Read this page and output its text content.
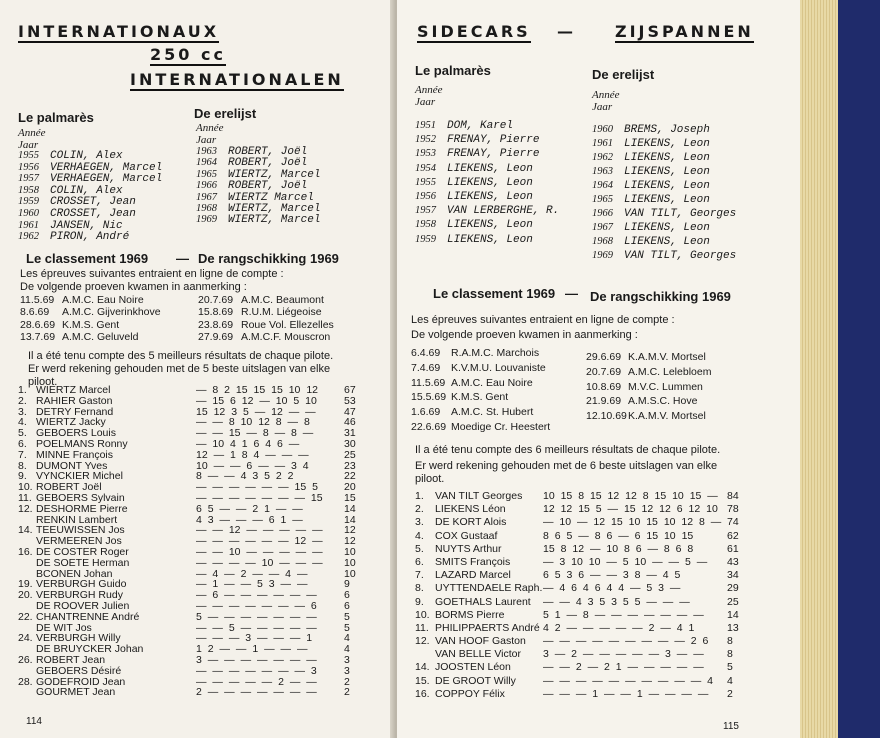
INTERNATIONAUX
250 cc
INTERNATIONALEN
Le palmarès	De erelijst
Année
Jaar
Année
Jaar
1955 COLIN, Alex
1956 VERHAEGEN, Marcel
1957 VERHAEGEN, Marcel
1958 COLIN, Alex
1959 CROSSET, Jean
1960 CROSSET, Jean
1961 JANSEN, Nic
1962 PIRON, André
1963 ROBERT, Joël
1964 ROBERT, Joël
1965 WIERTZ, Marcel
1966 ROBERT, Joël
1967 WIERTZ Marcel
1968 WIERTZ, Marcel
1969 WIERTZ, Marcel
Le classement 1969 — De rangschikking 1969
Les épreuves suivantes entraient en ligne de compte :
De volgende proeven kwamen in aanmerking :
11.5.69 A.M.C. Eau Noire
8.6.69 A.M.C. Gijverinkhove
28.6.69 K.M.S. Gent
13.7.69 A.M.C. Geluveld
20.7.69 A.M.C. Beaumont
15.8.69 R.U.M. Liégeoise
23.8.69 Roue Vol. Ellezelles
27.9.69 A.M.C.F. Mouscron
Il a été tenu compte des 5 meilleurs résultats de chaque pilote.
Er werd rekening gehouden met de 5 beste uitslagen van elke
piloot.
1. WIERTZ Marcel	— 8 2 15 15 15 10 12 67
2. RAHIER Gaston	— 15 6 12 — 10 5 10	53
3. DETRY Fernand	15 12 3 5 — 12 — —	47
4. WIERTZ Jacky	— — 8 10 12 8 — 8	46
5. GEBOERS Louis	— — 15 — 8 — 8 —	31
6. POELMANS Ronny	— 10 4 1 6 4 6 —	30
7. MINNE François	12 — 1 8 4 — — —	25
8. DUMONT Yves	10 — — 6 — — 3 4	23
9. VYNCKIER Michel	8 — — 4 3 5 2 2	22
10. ROBERT Joël	— — — — — — 15 5 20
11. GEBOERS Sylvain	— — — — — — — 15 15
12. DESHORME Pierre	6 5 — — 2 1 — —	14
RENKIN Lambert	4 3 — — — 6 1 —	14
14. TEEUWISSEN Jos	— — 12 — — — — — 12
VERMEEREN Jos	— — — — — — 12 — 12
16. DE COSTER Roger	— — 10 — — — — — 10
DE SOETE Herman	— — — — 10 — — — 10
BCONEN Johan	— 4 — 2 — — 4 —	10
19. VERBURGH Guido	— 1 — — 5 3 — —	9
20. VERBURGH Rudy	— 6 — — — — — —	6
DE ROOVER Julien	— — — — — — — 6	6
22. CHANTRENNE André	5 — — — — — — —	5
DE WIT Jos	— — 5 — — — — —	5
24. VERBURGH Willy	— — — 3 — — — 1	4
DE BRUYCKER Johan	1 2 — — 1 — — —	4
26. ROBERT Jean	3 — — — — — — —	3
GEBOERS Désiré	— — — — — — — 3	3
28. GODEFROID Jean	— — — — — 2 — —	2
GOURMET Jean	2 — — — — — — —	2
114
SIDECARS — ZIJSPANNEN
Le palmarès	De erelijst
Année
Jaar
Année
Jaar
1951 DOM, Karel
1952 FRENAY, Pierre
1953 FRENAY, Pierre
1954 LIEKENS, Leon
1955 LIEKENS, Leon
1956 LIEKENS, Leon
1957 VAN LERBERGHE, R.
1958 LIEKENS, Leon
1959 LIEKENS, Leon
1960 BREMS, Joseph
1961 LIEKENS, Leon
1962 LIEKENS, Leon
1963 LIEKENS, Leon
1964 LIEKENS, Leon
1965 LIEKENS, Leon
1966 VAN TILT, Georges
1967 LIEKENS, Leon
1968 LIEKENS, Leon
1969 VAN TILT, Georges
Le classement 1969 — De rangschikking 1969
Les épreuves suivantes entraient en ligne de compte :
De volgende proeven kwamen in aanmerking :
6.4.69 R.A.M.C. Marchois
7.4.69 K.V.M.U. Louvaniste
11.5.69 A.M.C. Eau Noire
15.5.69 K.M.S. Gent
1.6.69 A.M.C. St. Hubert
22.6.69 Moedige Cr. Heestert
29.6.69 K.A.M.V. Mortsel
20.7.69 A.M.C. Lelebloem
10.8.69 M.V.C. Lummen
21.9.69 A.M.S.C. Hove
12.10.69 K.A.M.V. Mortsel
Il a été tenu compte des 6 meilleurs résultats de chaque pilote.
Er werd rekening gehouden met de 6 beste uitslagen van elke
piloot.
1. VAN TILT Georges 10 15 8 15 12 12 8 15 10 15 — 84
2. LIEKENS Léon	12 12 15 5 — 15 12 12 6 12 10 78
3. DE KORT Alois	— 10 — 12 15 10 15 10 12 8 — 74
4. COX Gustaaf	8 6 5 — 8 6 — 6 15 10 15	62
5. NUYTS Arthur	15 8 12 — 10 8 6 — 8 6 8	61
6. SMITS François	— 3 10 10 — 5 10 — — 5 — 43
7. LAZARD Marcel	6 5 3 6 — — 3 8 — 4 5	34
8. UYTTENDAELE Raph. — 4 6 4 6 4 4 — 5 3 —	29
9. GOETHALS Laurent — — 4 3 5 3 5 5 — — —	25
10. BORMS Pierre	5 1 — 8 — — — — — — — 14
11. PHILIPPAERTS André 4 2 — — — — — 2 — 4 1	13
12. VAN HOOF Gaston — — — — — — — — — 2 6 8
VAN BELLE Victor 3 — 2 — — — — — 3 — — 8
14. JOOSTEN Léon	— — 2 — 2 1 — — — — — 5
15. DE GROOT Willy	— — — — — — — — — — 4 4
16. COPPOY Félix	— — — 1 — — 1 — — — — 2
115
